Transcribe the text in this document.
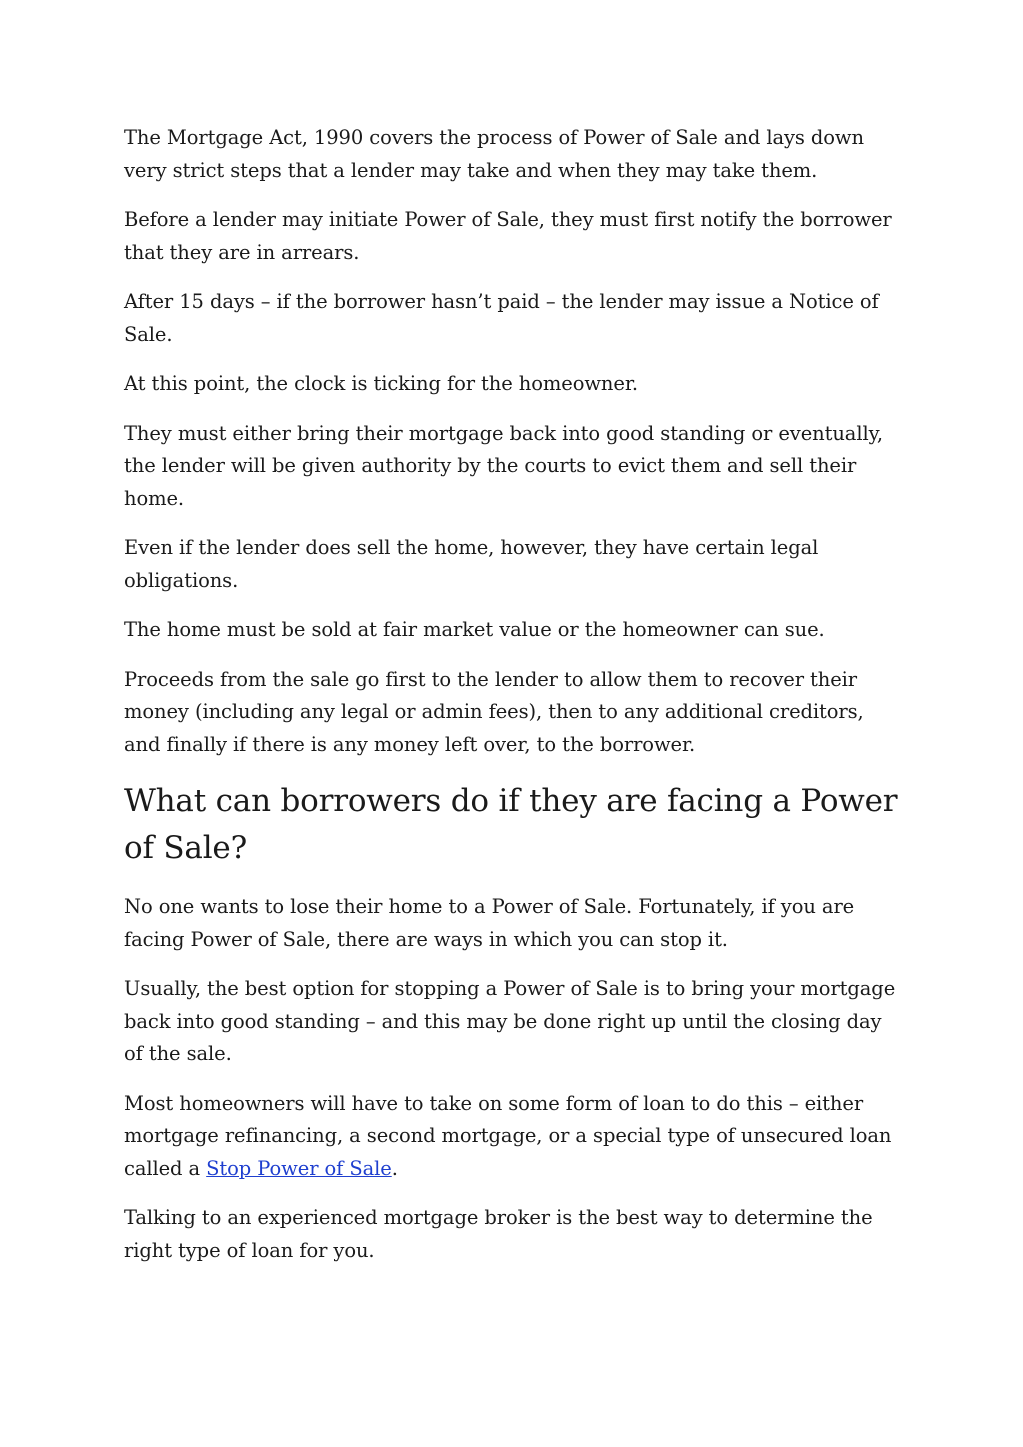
The Mortgage Act, 1990 covers the process of Power of Sale and lays down very strict steps that a lender may take and when they may take them.

Before a lender may initiate Power of Sale, they must first notify the borrower that they are in arrears.

After 15 days – if the borrower hasn’t paid – the lender may issue a Notice of Sale.

At this point, the clock is ticking for the homeowner.

They must either bring their mortgage back into good standing or eventually, the lender will be given authority by the courts to evict them and sell their home.

Even if the lender does sell the home, however, they have certain legal obligations.

The home must be sold at fair market value or the homeowner can sue.

Proceeds from the sale go first to the lender to allow them to recover their money (including any legal or admin fees), then to any additional creditors, and finally if there is any money left over, to the borrower.

What can borrowers do if they are facing a Power of Sale?

No one wants to lose their home to a Power of Sale. Fortunately, if you are facing Power of Sale, there are ways in which you can stop it.

Usually, the best option for stopping a Power of Sale is to bring your mortgage back into good standing – and this may be done right up until the closing day of the sale.

Most homeowners will have to take on some form of loan to do this – either mortgage refinancing, a second mortgage, or a special type of unsecured loan called a Stop Power of Sale.

Talking to an experienced mortgage broker is the best way to determine the right type of loan for you.
